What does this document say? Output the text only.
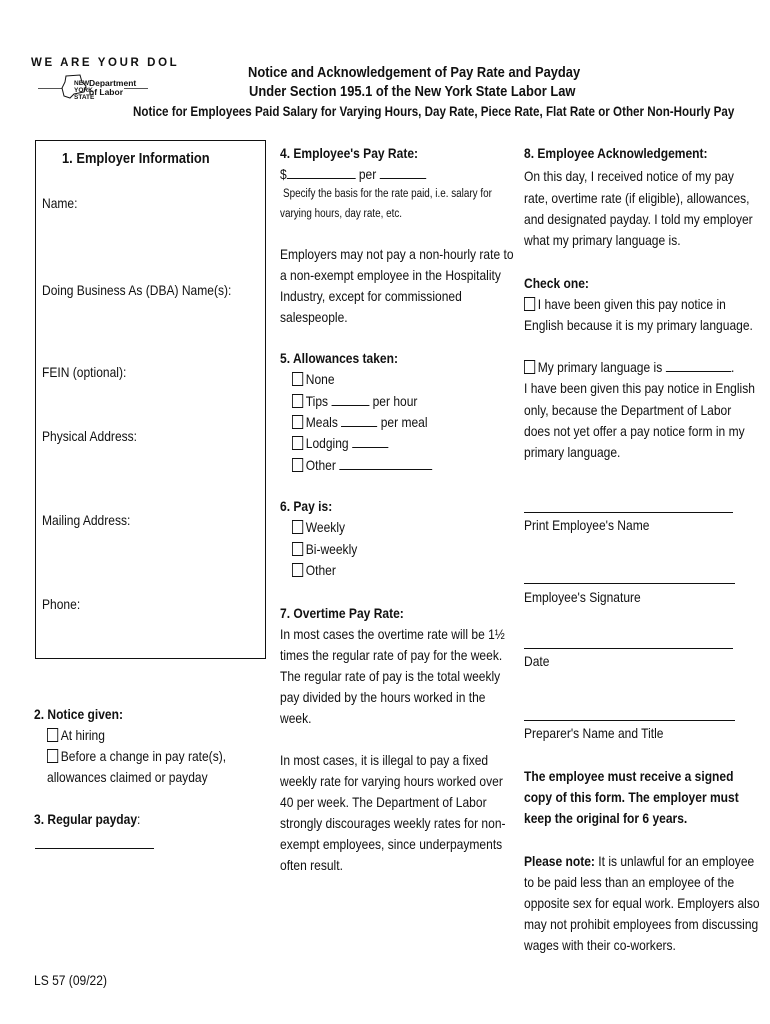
WE ARE YOUR DOL
NEW YORK STATE
Department
of Labor
Notice and Acknowledgement of Pay Rate and Payday
Under Section 195.1 of the New York State Labor Law
Notice for Employees Paid Salary for Varying Hours, Day Rate, Piece Rate, Flat Rate or Other Non-Hourly Pay
1. Employer Information
Name:
Doing Business As (DBA) Name(s):
FEIN (optional):
Physical Address:
Mailing Address:
Phone:
2. Notice given:
At hiring
Before a change in pay rate(s),
allowances claimed or payday
3. Regular payday:
4. Employee's Pay Rate:
$	per
Specify the basis for the rate paid, i.e. salary for
varying hours, day rate, etc.
Employers may not pay a non-hourly rate to
a non-exempt employee in the Hospitality
Industry, except for commissioned
salespeople.
5. Allowances taken:
None
Tips	per hour
Meals	per meal
Lodging
Other
6. Pay is:
Weekly
Bi-weekly
Other
7. Overtime Pay Rate:
In most cases the overtime rate will be 1½
times the regular rate of pay for the week.
The regular rate of pay is the total weekly
pay divided by the hours worked in the
week.
In most cases, it is illegal to pay a fixed
weekly rate for varying hours worked over
40 per week. The Department of Labor
strongly discourages weekly rates for non-
exempt employees, since underpayments
often result.
8. Employee Acknowledgement:
On this day, I received notice of my pay
rate, overtime rate (if eligible), allowances,
and designated payday. I told my employer
what my primary language is.
Check one:
I have been given this pay notice in
English because it is my primary language.
My primary language is	.
I have been given this pay notice in English
only, because the Department of Labor
does not yet offer a pay notice form in my
primary language.
Print Employee's Name
Employee's Signature
Date
Preparer's Name and Title
The employee must receive a signed
copy of this form. The employer must
keep the original for 6 years.
Please note: It is unlawful for an employee
to be paid less than an employee of the
opposite sex for equal work. Employers also
may not prohibit employees from discussing
wages with their co-workers.
LS 57 (09/22)
